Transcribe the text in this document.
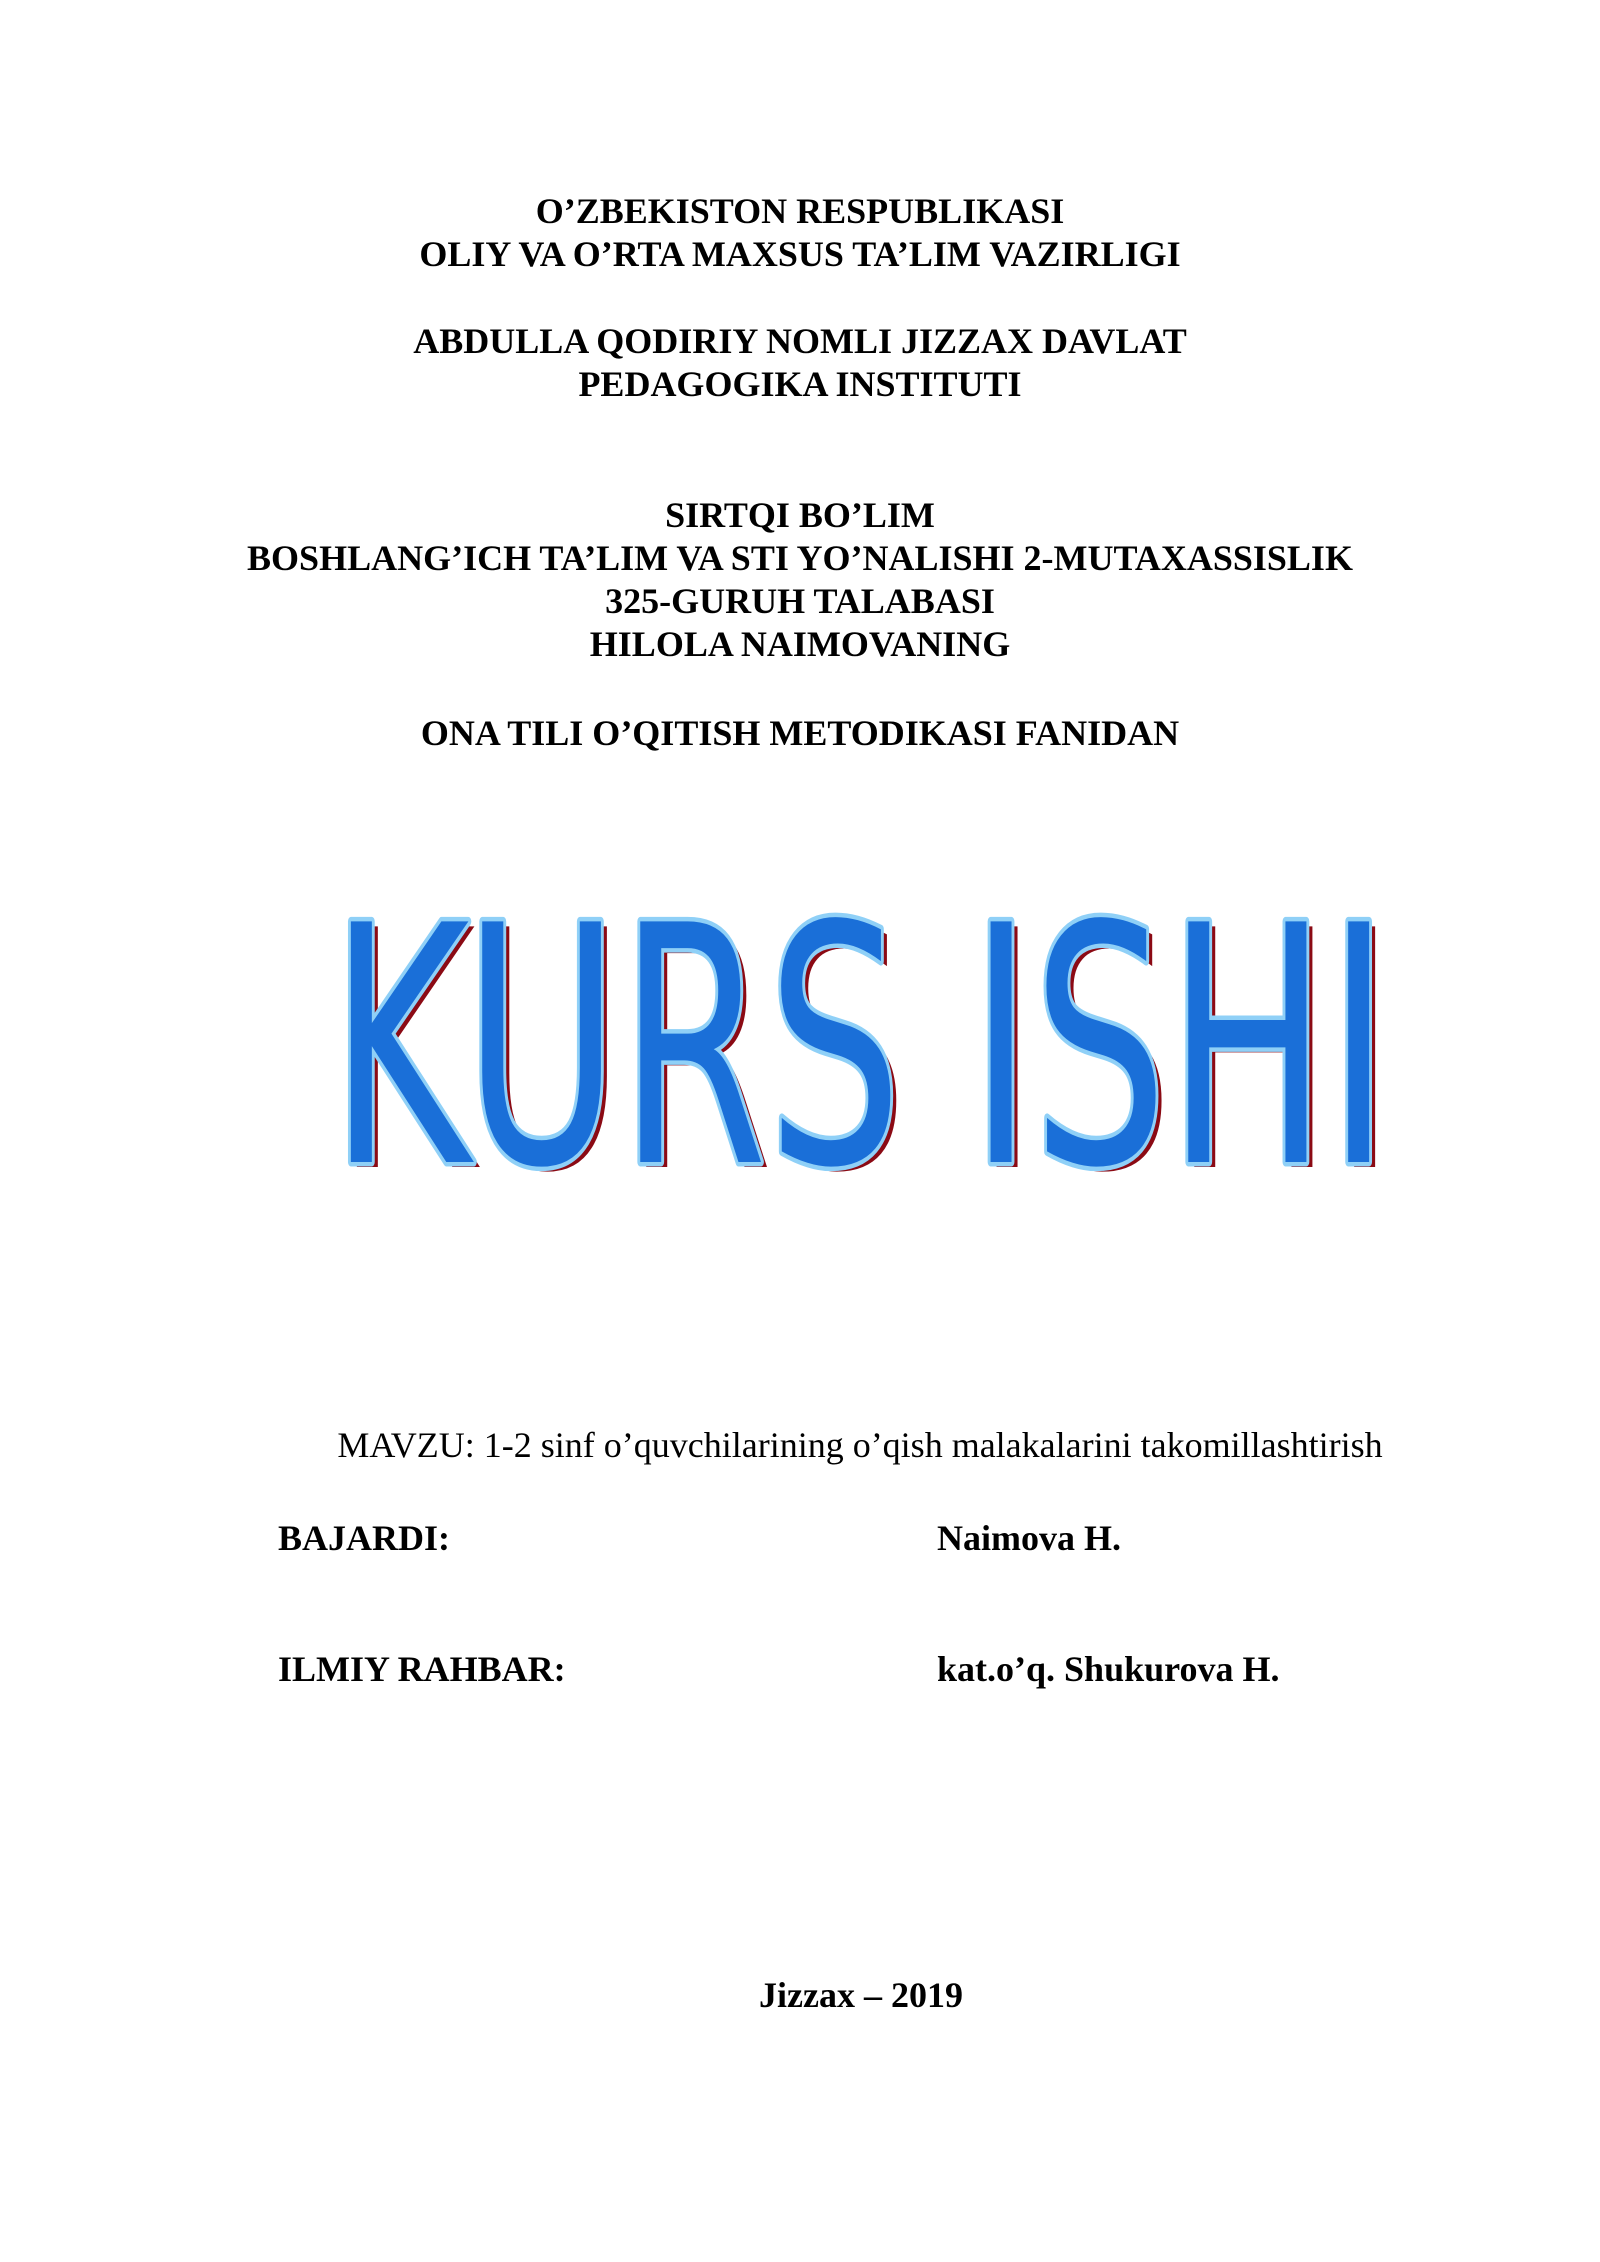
O’ZBEKISTON RESPUBLIKASI
OLIY VA O’RTA MAXSUS TA’LIM VAZIRLIGI
ABDULLA QODIRIY NOMLI JIZZAX DAVLAT
PEDAGOGIKA INSTITUTI
SIRTQI BO’LIM
BOSHLANG’ICH TA’LIM VA STI YO’NALISHI 2-MUTAXASSISLIK
325-GURUH TALABASI
HILOLA NAIMOVANING
ONA TILI O’QITISH METODIKASI FANIDAN
KURS ISHI
KURS ISHI
KURS ISHI
MAVZU: 1-2 sinf o’quvchilarining o’qish malakalarini takomillashtirish
BAJARDI:	Naimova H.
ILMIY RAHBAR:	kat.o’q. Shukurova H.
Jizzax – 2019
